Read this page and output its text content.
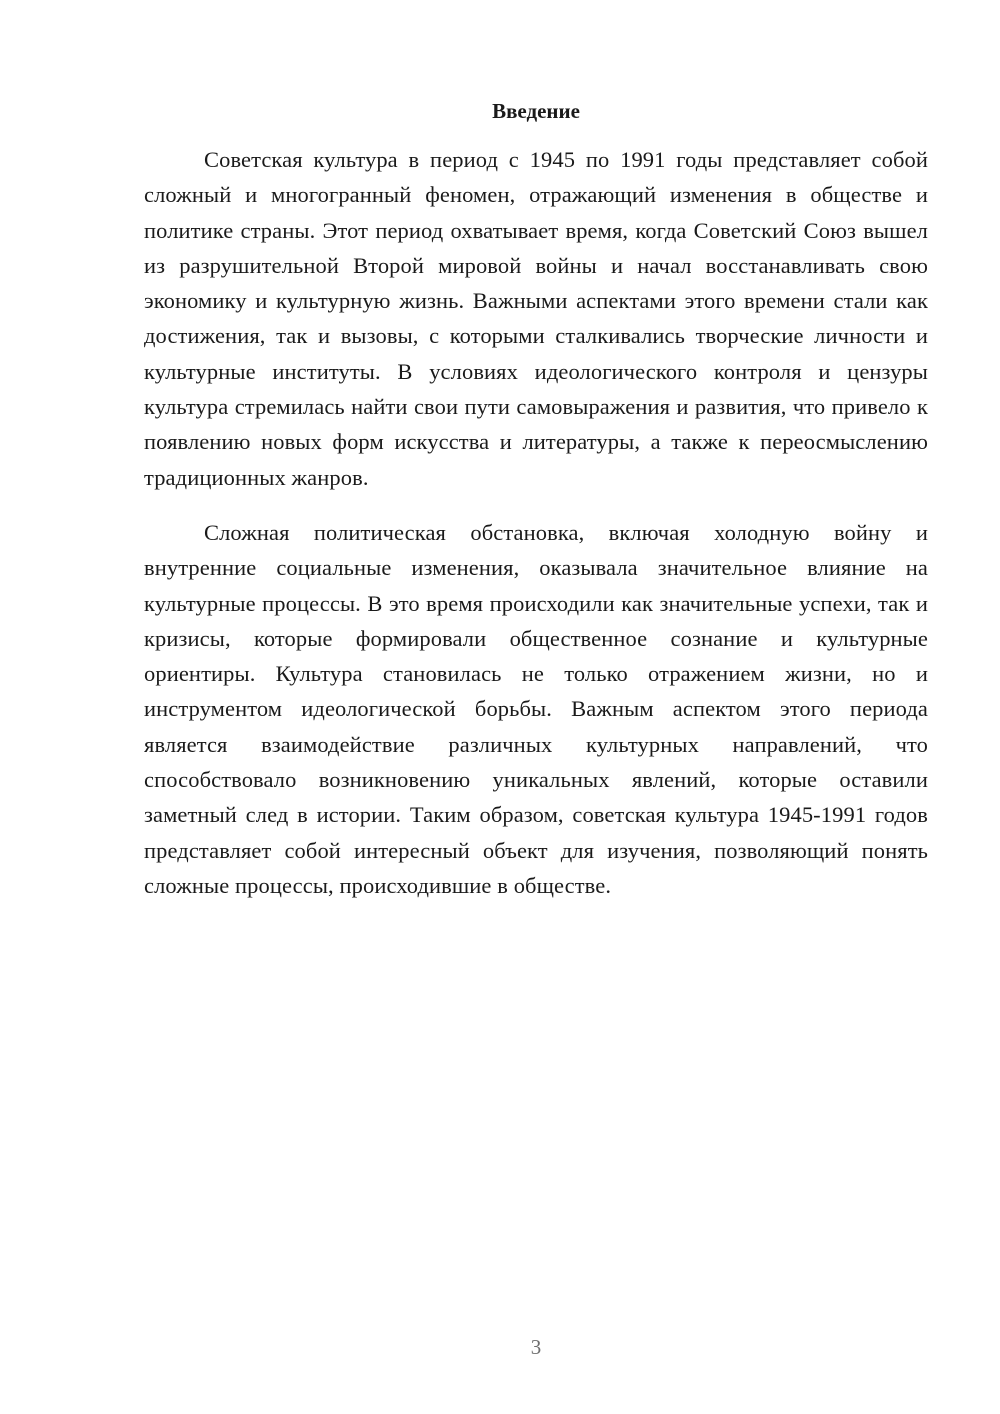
Введение

Советская культура в период с 1945 по 1991 годы представляет собой сложный и многогранный феномен, отражающий изменения в обществе и политике страны. Этот период охватывает время, когда Советский Союз вышел из разрушительной Второй мировой войны и начал восстанавливать свою экономику и культурную жизнь. Важными аспектами этого времени стали как достижения, так и вызовы, с которыми сталкивались творческие личности и культурные институты. В условиях идеологического контроля и цензуры культура стремилась найти свои пути самовыражения и развития, что привело к появлению новых форм искусства и литературы, а также к переосмыслению традиционных жанров.

Сложная политическая обстановка, включая холодную войну и внутренние социальные изменения, оказывала значительное влияние на культурные процессы. В это время происходили как значительные успехи, так и кризисы, которые формировали общественное сознание и культурные ориентиры. Культура становилась не только отражением жизни, но и инструментом идеологической борьбы. Важным аспектом этого периода является взаимодействие различных культурных направлений, что способствовало возникновению уникальных явлений, которые оставили заметный след в истории. Таким образом, советская культура 1945-1991 годов представляет собой интересный объект для изучения, позволяющий понять сложные процессы, происходившие в обществе.

3
